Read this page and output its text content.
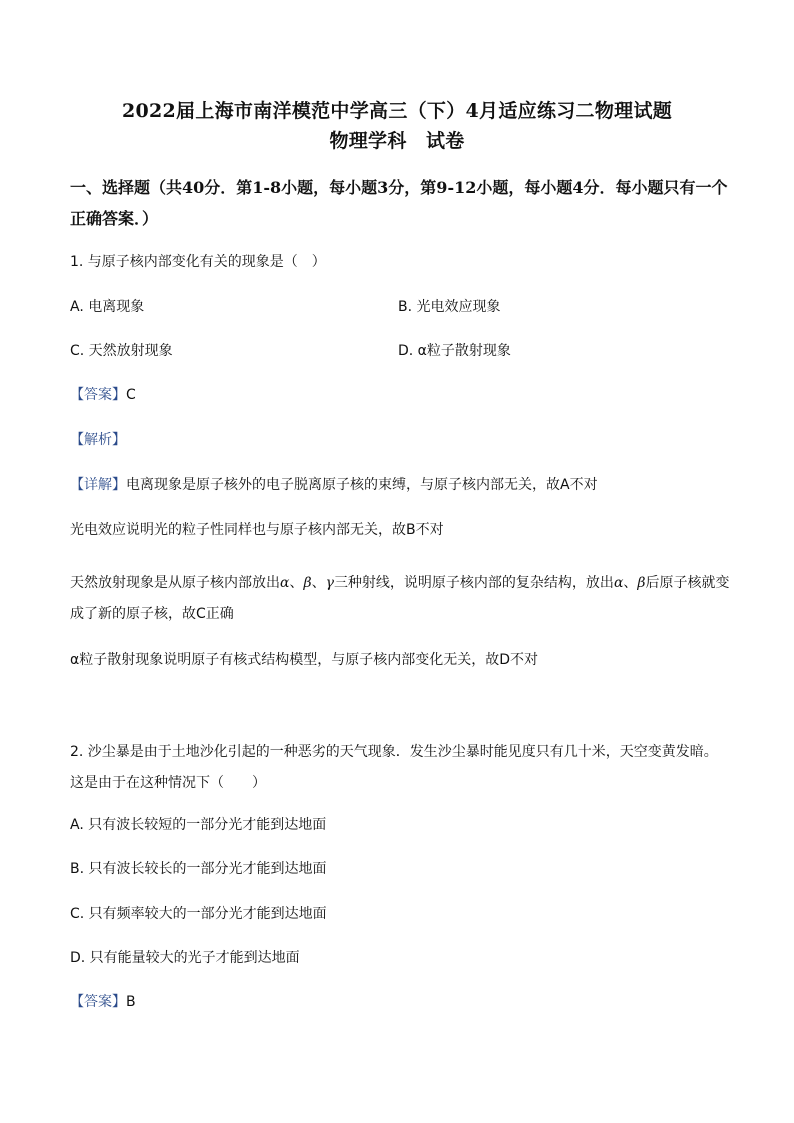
2022届上海市南洋模范中学高三（下）4月适应练习二物理试题
物理学科　试卷
一、选择题（共40分．第1-8小题，每小题3分，第9-12小题，每小题4分．每小题只有一个正确答案．）
1. 与原子核内部变化有关的现象是（　）
A. 电离现象	B. 光电效应现象
C. 天然放射现象	D. α粒子散射现象
【答案】C
【解析】
【详解】电离现象是原子核外的电子脱离原子核的束缚，与原子核内部无关，故A不对
光电效应说明光的粒子性同样也与原子核内部无关，故B不对
天然放射现象是从原子核内部放出α、β、γ三种射线，说明原子核内部的复杂结构，放出α、β后原子核就变成了新的原子核，故C正确
α粒子散射现象说明原子有核式结构模型，与原子核内部变化无关，故D不对
2. 沙尘暴是由于土地沙化引起的一种恶劣的天气现象．发生沙尘暴时能见度只有几十米，天空变黄发暗。这是由于在这种情况下（　　）
A. 只有波长较短的一部分光才能到达地面
B. 只有波长较长的一部分光才能到达地面
C. 只有频率较大的一部分光才能到达地面
D. 只有能量较大的光子才能到达地面
【答案】B
